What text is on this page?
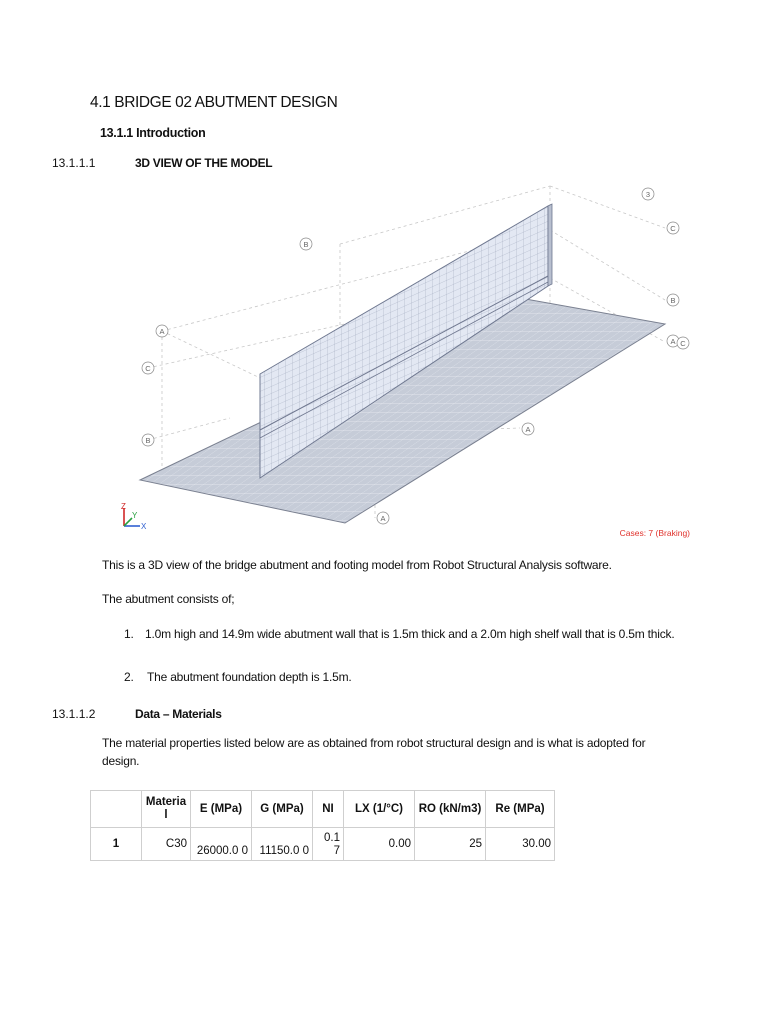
4.1 BRIDGE 02 ABUTMENT DESIGN
13.1.1 Introduction
13.1.1.1	3D VIEW OF THE MODEL
3
C
B
A
A C
B
B
A
A
C
Z
Y
X
Cases: 7 (Braking)
This is a 3D view of the bridge abutment and footing model from Robot Structural Analysis software.
The abutment consists of;
1. 1.0m high and 14.9m wide abutment wall that is 1.5m thick and a 2.0m high shelf wall that is 0.5m thick.
2. The abutment foundation depth is 1.5m.
13.1.1.2	Data – Materials
The material properties listed below are as obtained from robot structural design and is what is adopted for design.
	Materia l	E (MPa)	G (MPa)	NI	LX (1/°C)	RO (kN/m3)	Re (MPa)
1	C30	26000.0 0	11150.0 0	0.1 7	0.00	25	30.00
